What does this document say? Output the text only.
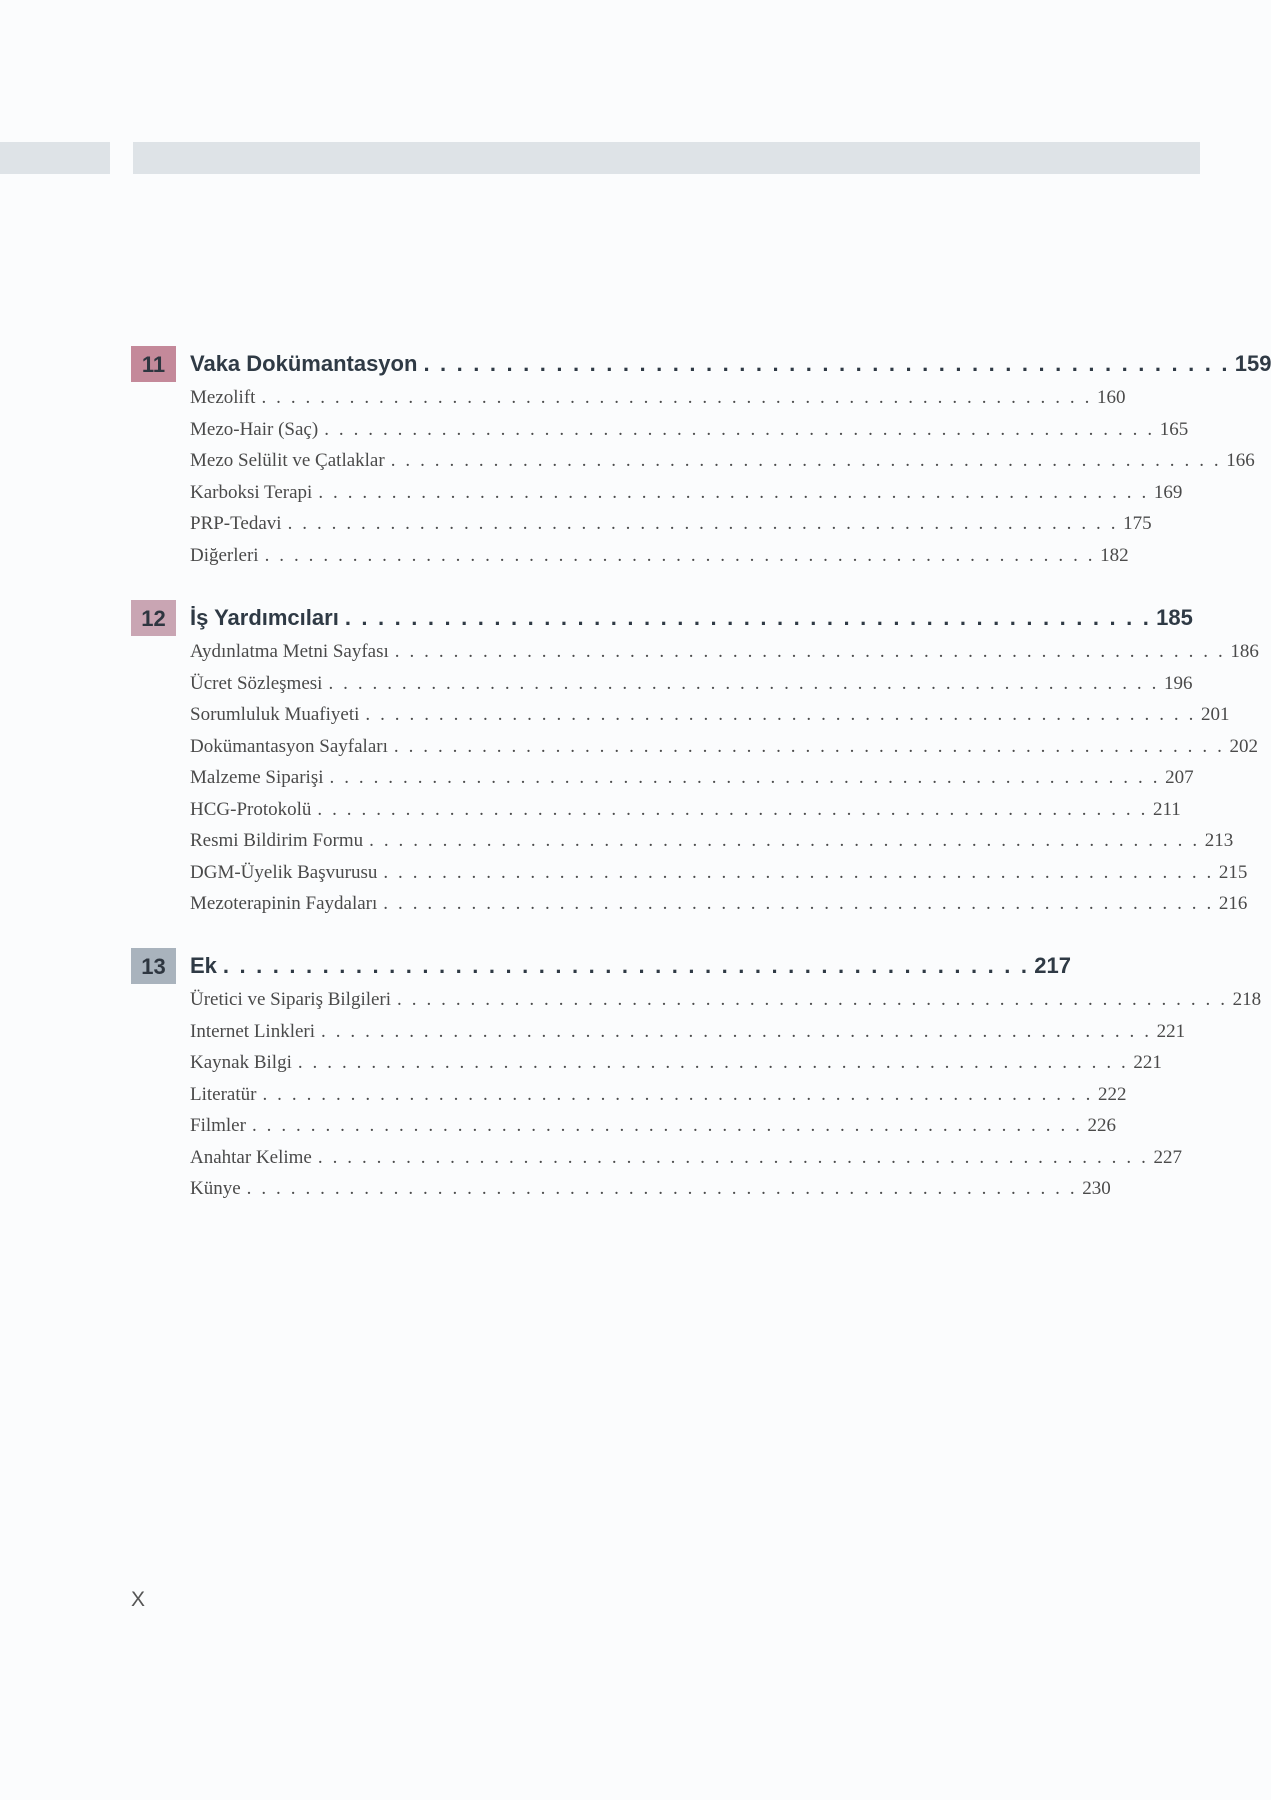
11	Vaka Dokümantasyon . . .	159
Mezolift . . .	160
Mezo-Hair (Saç) . . .	165
Mezo Selülit ve Çatlaklar . . .	166
Karboksi Terapi . . .	169
PRP-Tedavi . . .	175
Diğerleri . . .	182
12	İş Yardımcıları . . .	185
Aydınlatma Metni Sayfası . . .	186
Ücret Sözleşmesi . . .	196
Sorumluluk Muafiyeti . . .	201
Dokümantasyon Sayfaları . . .	202
Malzeme Siparişi . . .	207
HCG-Protokolü . . .	211
Resmi Bildirim Formu . . .	213
DGM-Üyelik Başvurusu . . .	215
Mezoterapinin Faydaları . . .	216
13	Ek . . .	217
Üretici ve Sipariş Bilgileri . . .	218
Internet Linkleri . . .	221
Kaynak Bilgi . . .	221
Literatür . . .	222
Filmler . . .	226
Anahtar Kelime . . .	227
Künye . . .	230
X
